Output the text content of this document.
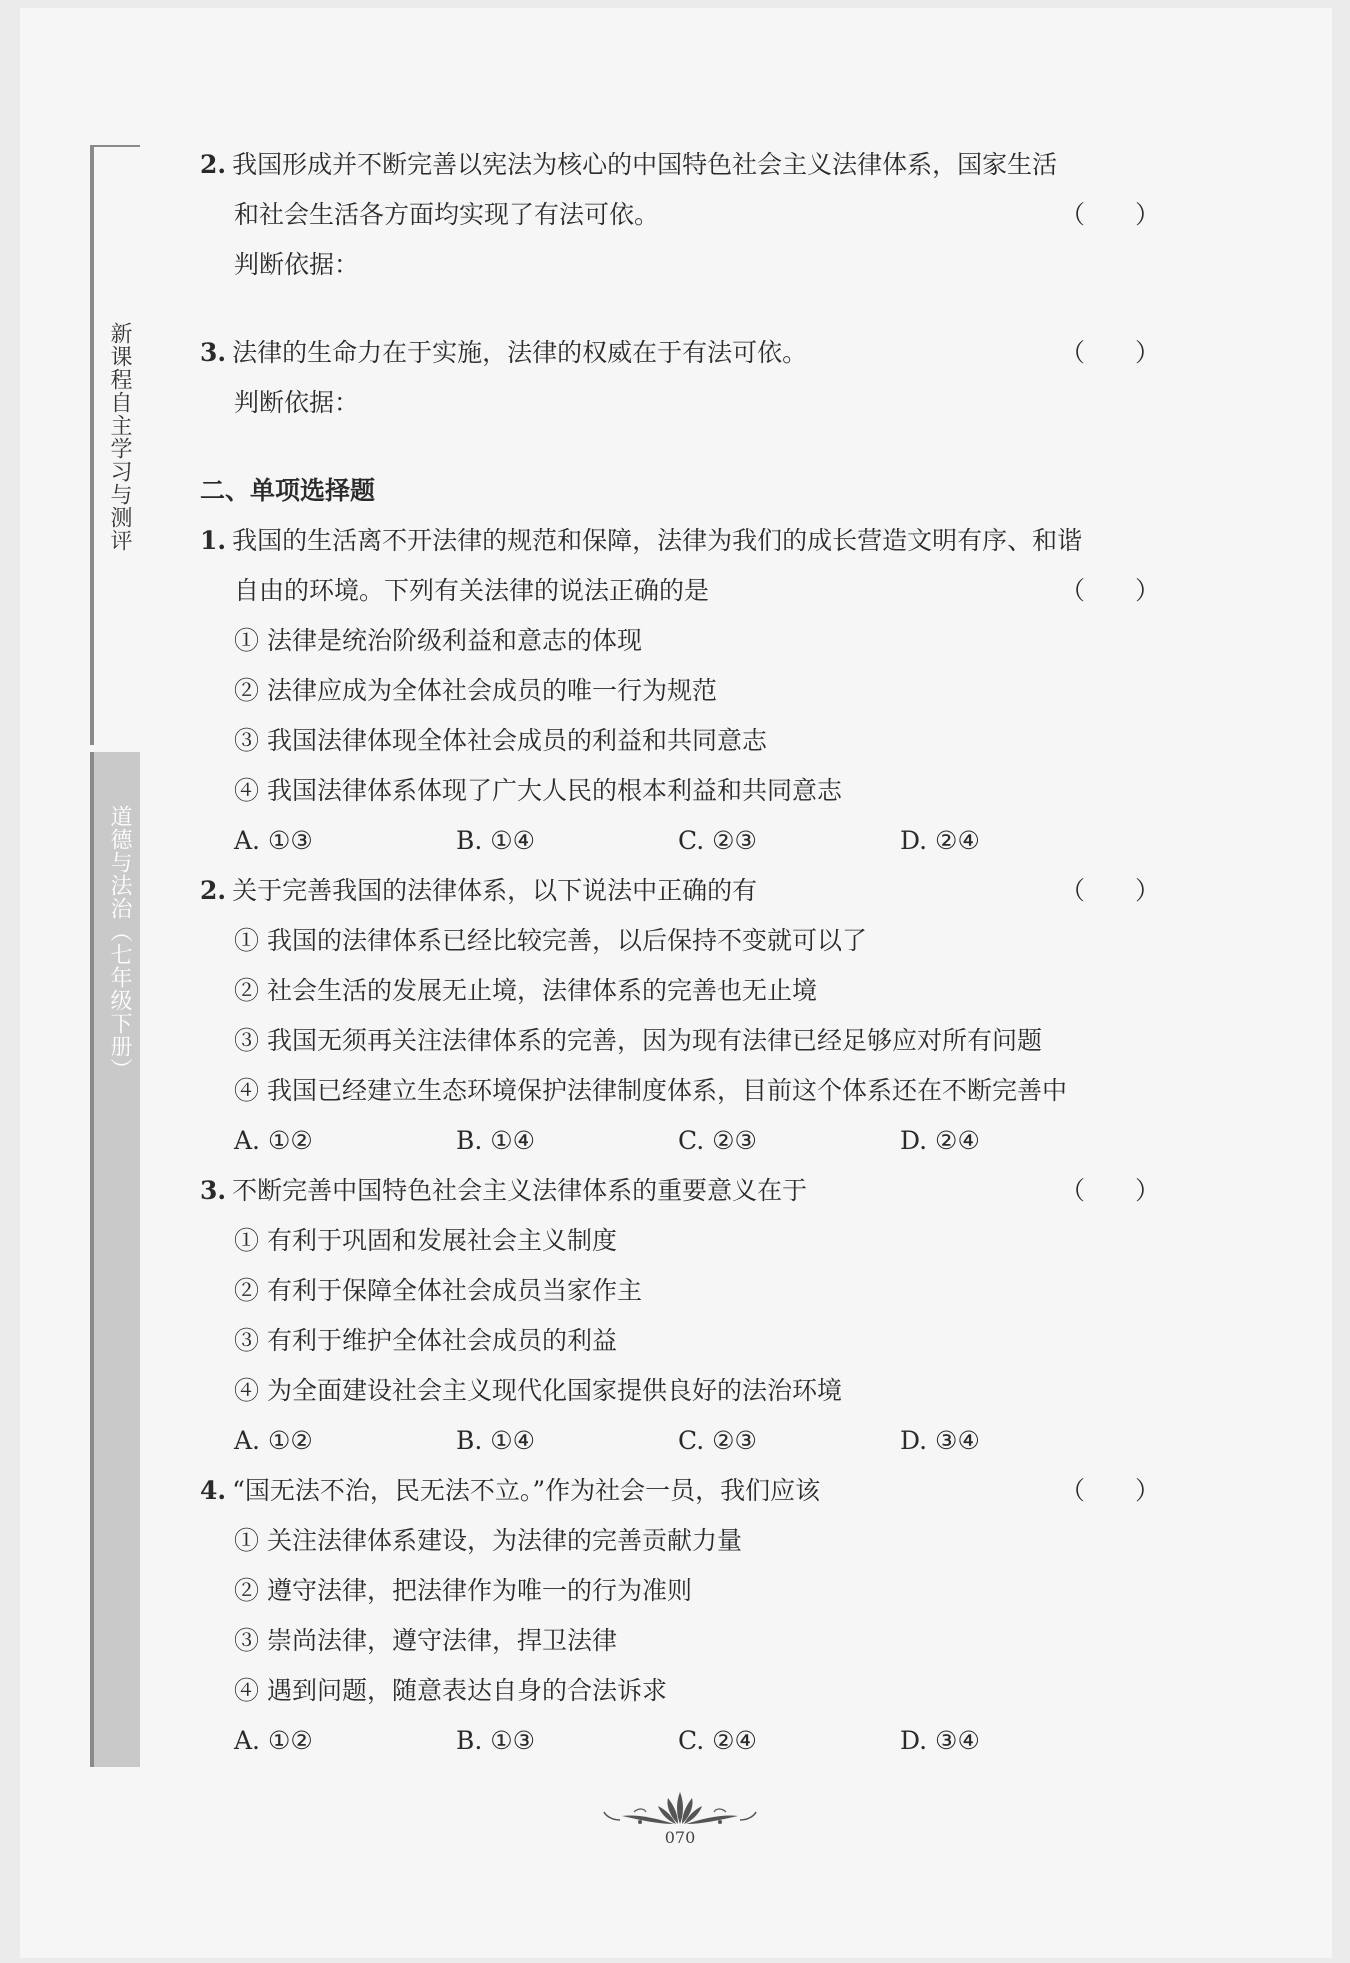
新课程自主学习与测评
道德与法治（七年级下册）
2. 我国形成并不断完善以宪法为核心的中国特色社会主义法律体系，国家生活
和社会生活各方面均实现了有法可依。	（　　）
判断依据：
3. 法律的生命力在于实施，法律的权威在于有法可依。	（　　）
判断依据：
二、单项选择题
1. 我国的生活离不开法律的规范和保障，法律为我们的成长营造文明有序、和谐
自由的环境。下列有关法律的说法正确的是	（　　）
① 法律是统治阶级利益和意志的体现
② 法律应成为全体社会成员的唯一行为规范
③ 我国法律体现全体社会成员的利益和共同意志
④ 我国法律体系体现了广大人民的根本利益和共同意志
A. ①③	B. ①④	C. ②③	D. ②④
2. 关于完善我国的法律体系，以下说法中正确的有	（　　）
① 我国的法律体系已经比较完善，以后保持不变就可以了
② 社会生活的发展无止境，法律体系的完善也无止境
③ 我国无须再关注法律体系的完善，因为现有法律已经足够应对所有问题
④ 我国已经建立生态环境保护法律制度体系，目前这个体系还在不断完善中
A. ①②	B. ①④	C. ②③	D. ②④
3. 不断完善中国特色社会主义法律体系的重要意义在于	（　　）
① 有利于巩固和发展社会主义制度
② 有利于保障全体社会成员当家作主
③ 有利于维护全体社会成员的利益
④ 为全面建设社会主义现代化国家提供良好的法治环境
A. ①②	B. ①④	C. ②③	D. ③④
4. “国无法不治，民无法不立。”作为社会一员，我们应该	（　　）
① 关注法律体系建设，为法律的完善贡献力量
② 遵守法律，把法律作为唯一的行为准则
③ 崇尚法律，遵守法律，捍卫法律
④ 遇到问题，随意表达自身的合法诉求
A. ①②	B. ①③	C. ②④	D. ③④
070
